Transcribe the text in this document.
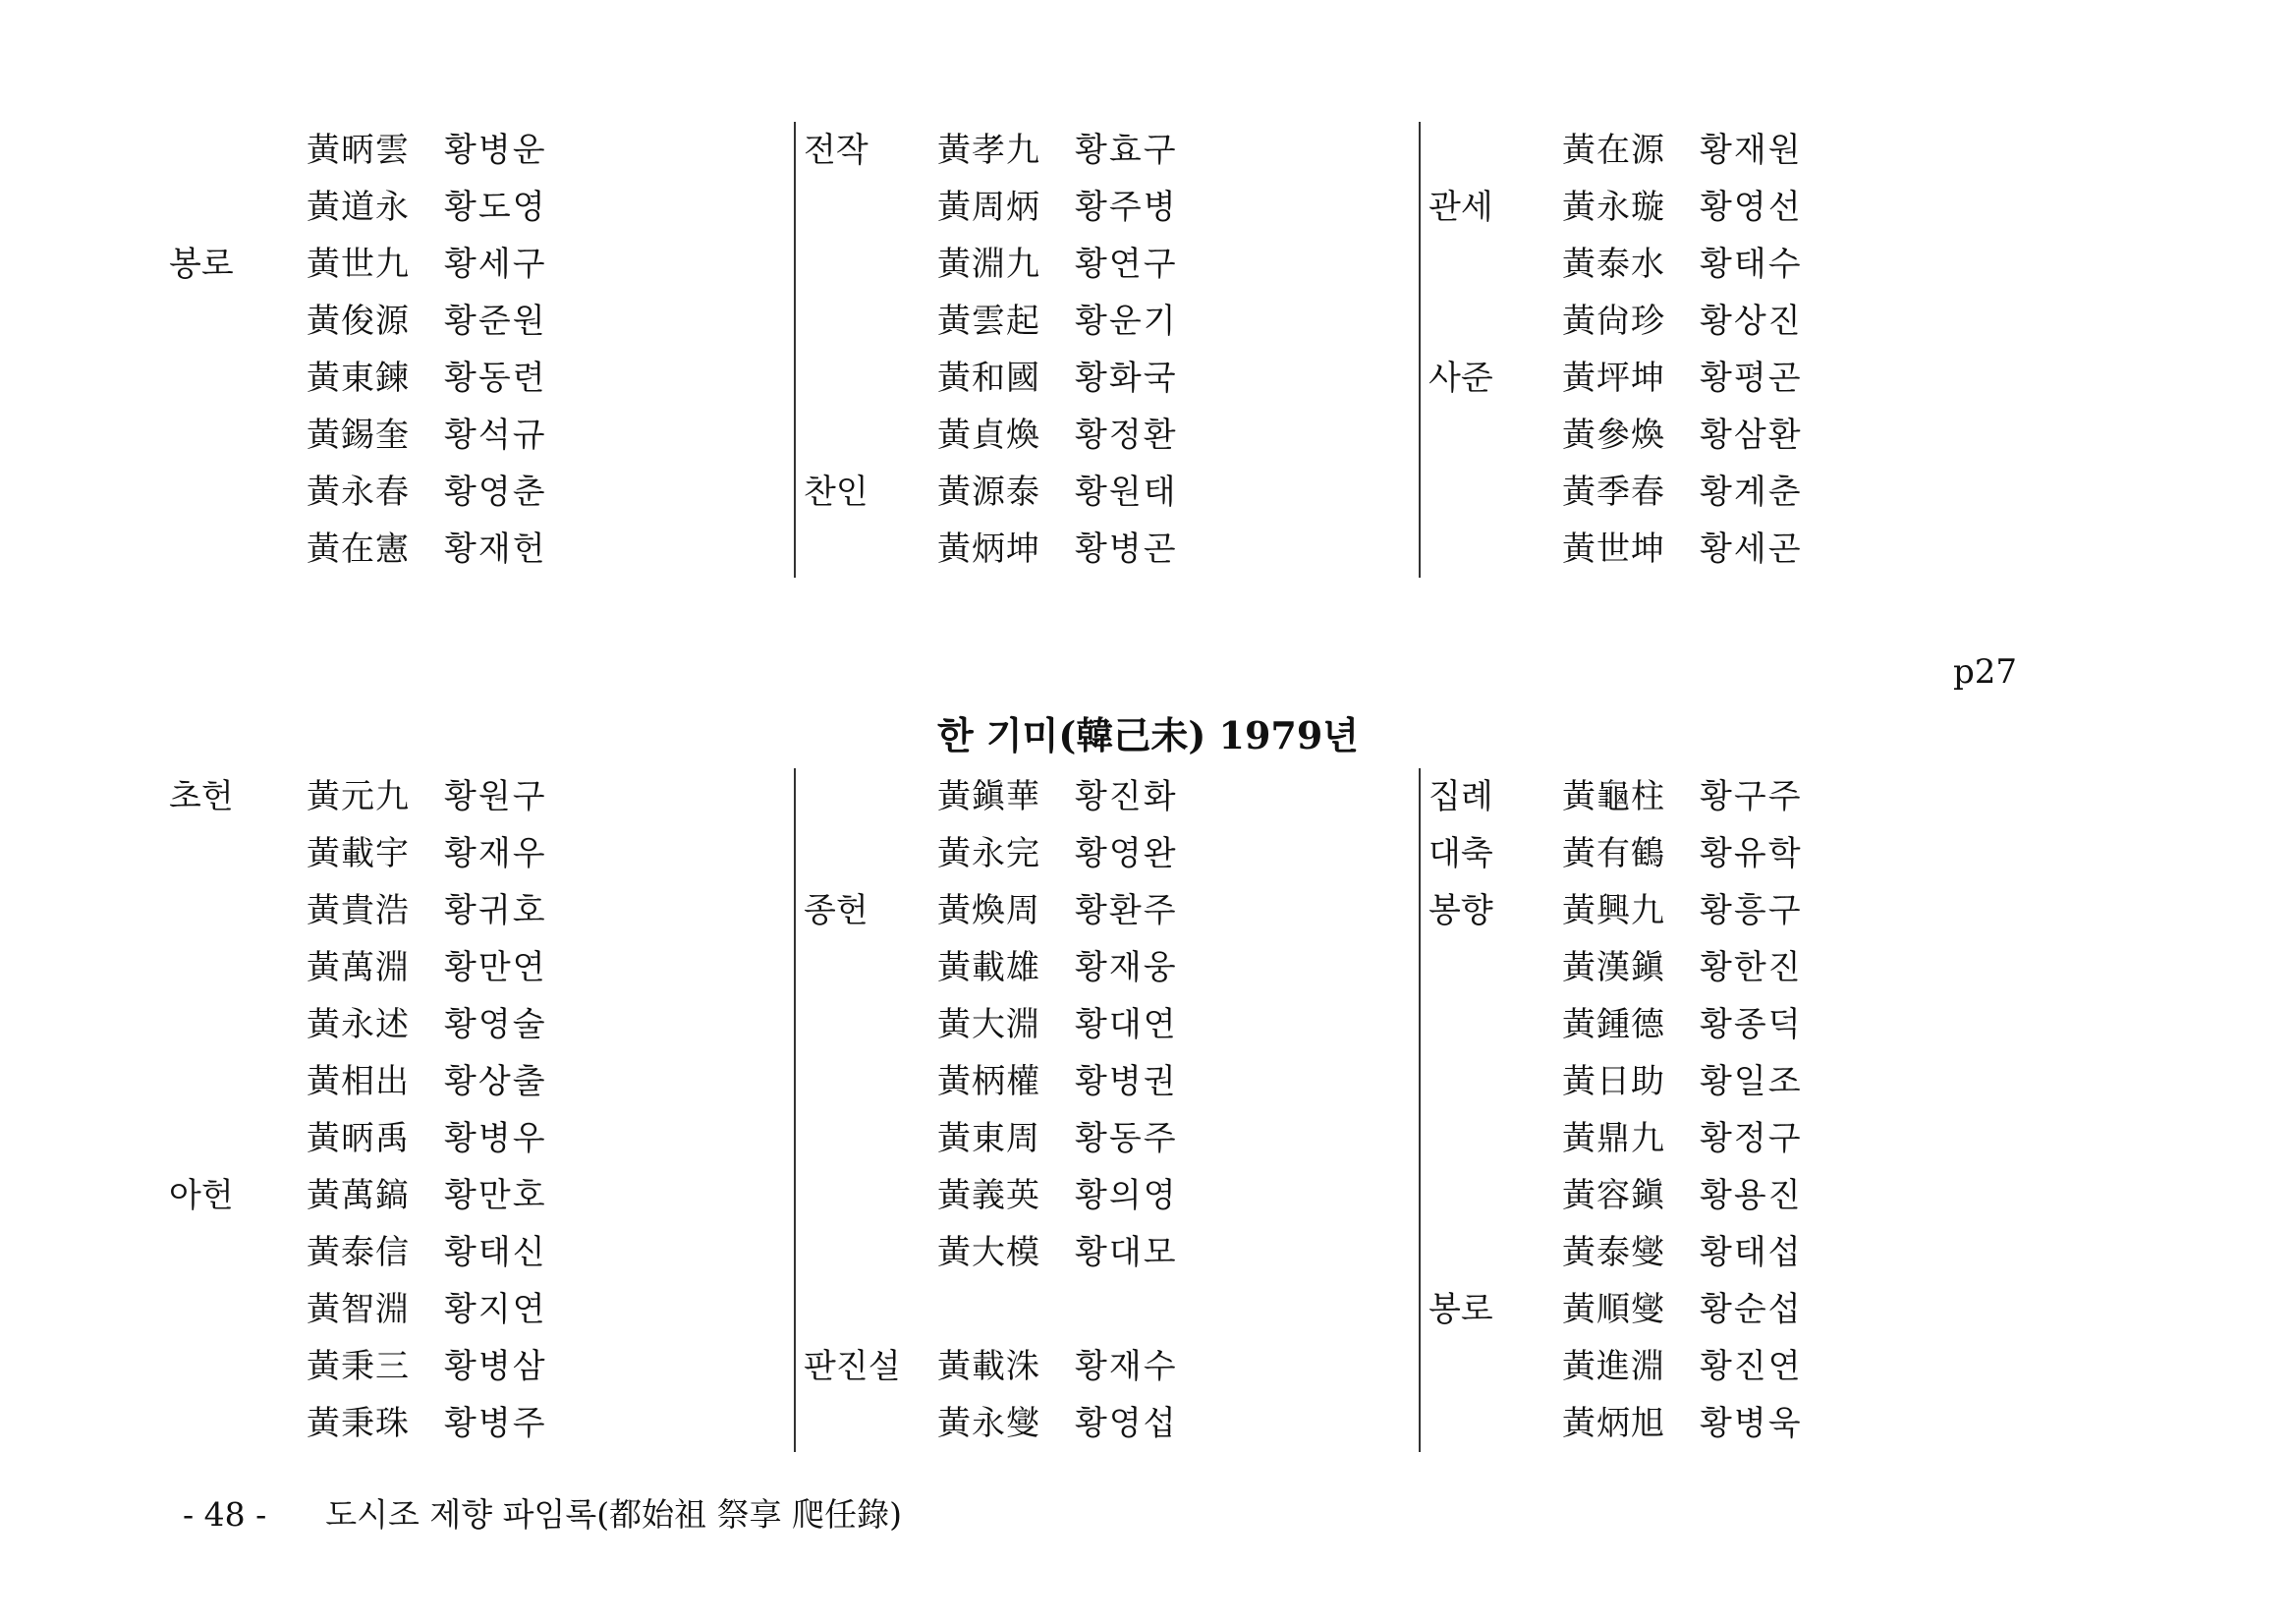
黃昞雲 황병운
黃道永 황도영
봉로 黃世九 황세구
黃俊源 황준원
黃東鍊 황동련
黃錫奎 황석규
黃永春 황영춘
黃在憲 황재헌
전작 黃孝九 황효구
黃周炳 황주병
黃淵九 황연구
黃雲起 황운기
黃和國 황화국
黃貞煥 황정환
찬인 黃源泰 황원태
黃炳坤 황병곤
黃在源 황재원
관세 黃永璇 황영선
黃泰水 황태수
黃尙珍 황상진
사준 黃坪坤 황평곤
黃參煥 황삼환
黃季春 황계춘
黃世坤 황세곤
p27
한 기미(韓己未) 1979년
초헌 黃元九 황원구
黃載宇 황재우
黃貴浩 황귀호
黃萬淵 황만연
黃永述 황영술
黃相出 황상출
黃昞禹 황병우
아헌 黃萬鎬 황만호
黃泰信 황태신
黃智淵 황지연
黃秉三 황병삼
黃秉珠 황병주
黃鎭華 황진화
黃永完 황영완
종헌 黃煥周 황환주
黃載雄 황재웅
黃大淵 황대연
黃柄權 황병권
黃東周 황동주
黃義英 황의영
黃大模 황대모
판진설 黃載洙 황재수
黃永燮 황영섭
집례 黃龜柱 황구주
대축 黃有鶴 황유학
봉향 黃興九 황흥구
黃漢鎭 황한진
黃鍾德 황종덕
黃日助 황일조
黃鼎九 황정구
黃容鎭 황용진
黃泰燮 황태섭
봉로 黃順燮 황순섭
黃進淵 황진연
黃炳旭 황병욱
- 48 - 도시조 제향 파임록(都始祖 祭享 爬任錄)
